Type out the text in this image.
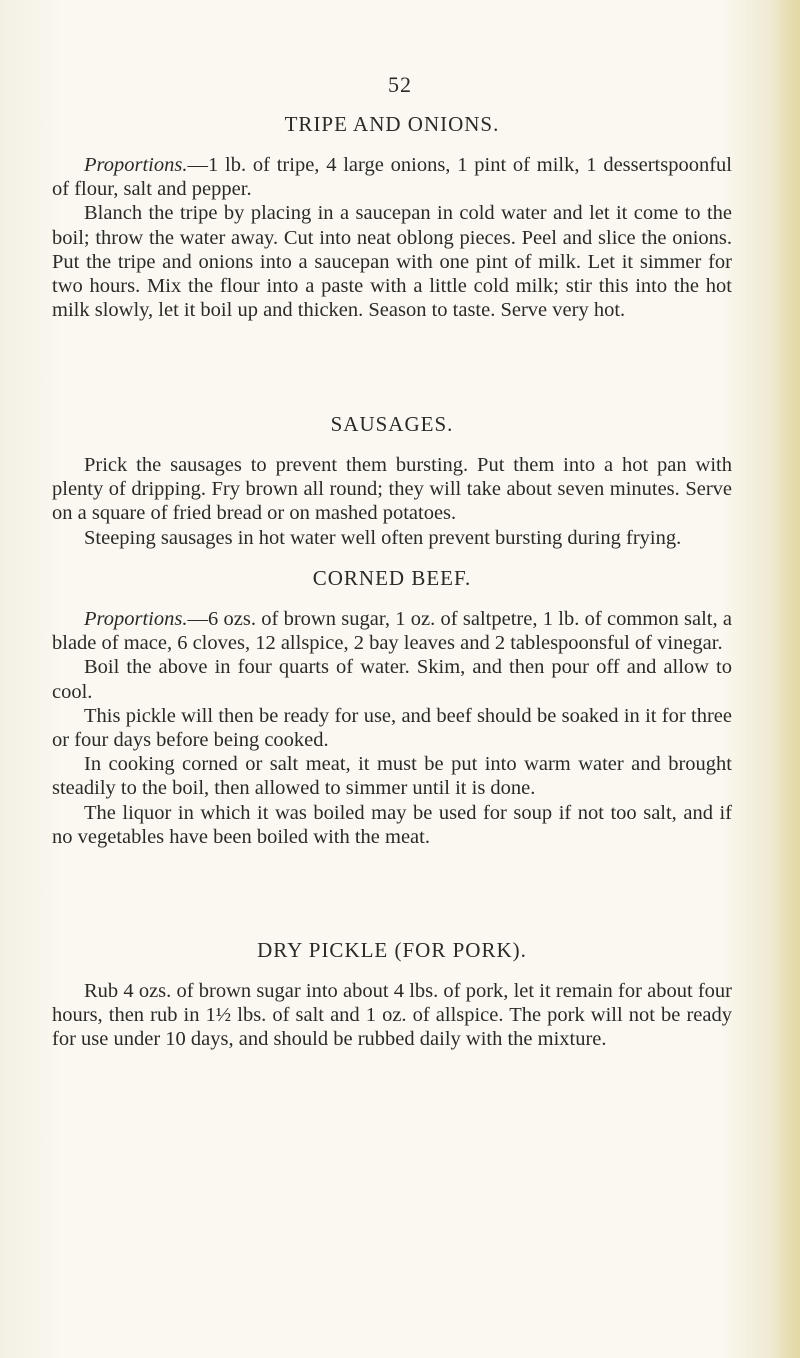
52
TRIPE AND ONIONS.

Proportions.—1 lb. of tripe, 4 large onions, 1 pint of milk, 1 dessertspoonful of flour, salt and pepper.

Blanch the tripe by placing in a saucepan in cold water and let it come to the boil; throw the water away. Cut into neat oblong pieces. Peel and slice the onions. Put the tripe and onions into a saucepan with one pint of milk. Let it simmer for two hours. Mix the flour into a paste with a little cold milk; stir this into the hot milk slowly, let it boil up and thicken. Season to taste. Serve very hot.

SAUSAGES.

Prick the sausages to prevent them bursting. Put them into a hot pan with plenty of dripping. Fry brown all round; they will take about seven minutes. Serve on a square of fried bread or on mashed potatoes.

Steeping sausages in hot water well often prevent bursting during frying.

CORNED BEEF.

Proportions.—6 ozs. of brown sugar, 1 oz. of saltpetre, 1 lb. of common salt, a blade of mace, 6 cloves, 12 allspice, 2 bay leaves and 2 tablespoonsful of vinegar.

Boil the above in four quarts of water. Skim, and then pour off and allow to cool.

This pickle will then be ready for use, and beef should be soaked in it for three or four days before being cooked.

In cooking corned or salt meat, it must be put into warm water and brought steadily to the boil, then allowed to simmer until it is done.

The liquor in which it was boiled may be used for soup if not too salt, and if no vegetables have been boiled with the meat.

DRY PICKLE (FOR PORK).

Rub 4 ozs. of brown sugar into about 4 lbs. of pork, let it remain for about four hours, then rub in 1½ lbs. of salt and 1 oz. of allspice. The pork will not be ready for use under 10 days, and should be rubbed daily with the mixture.
